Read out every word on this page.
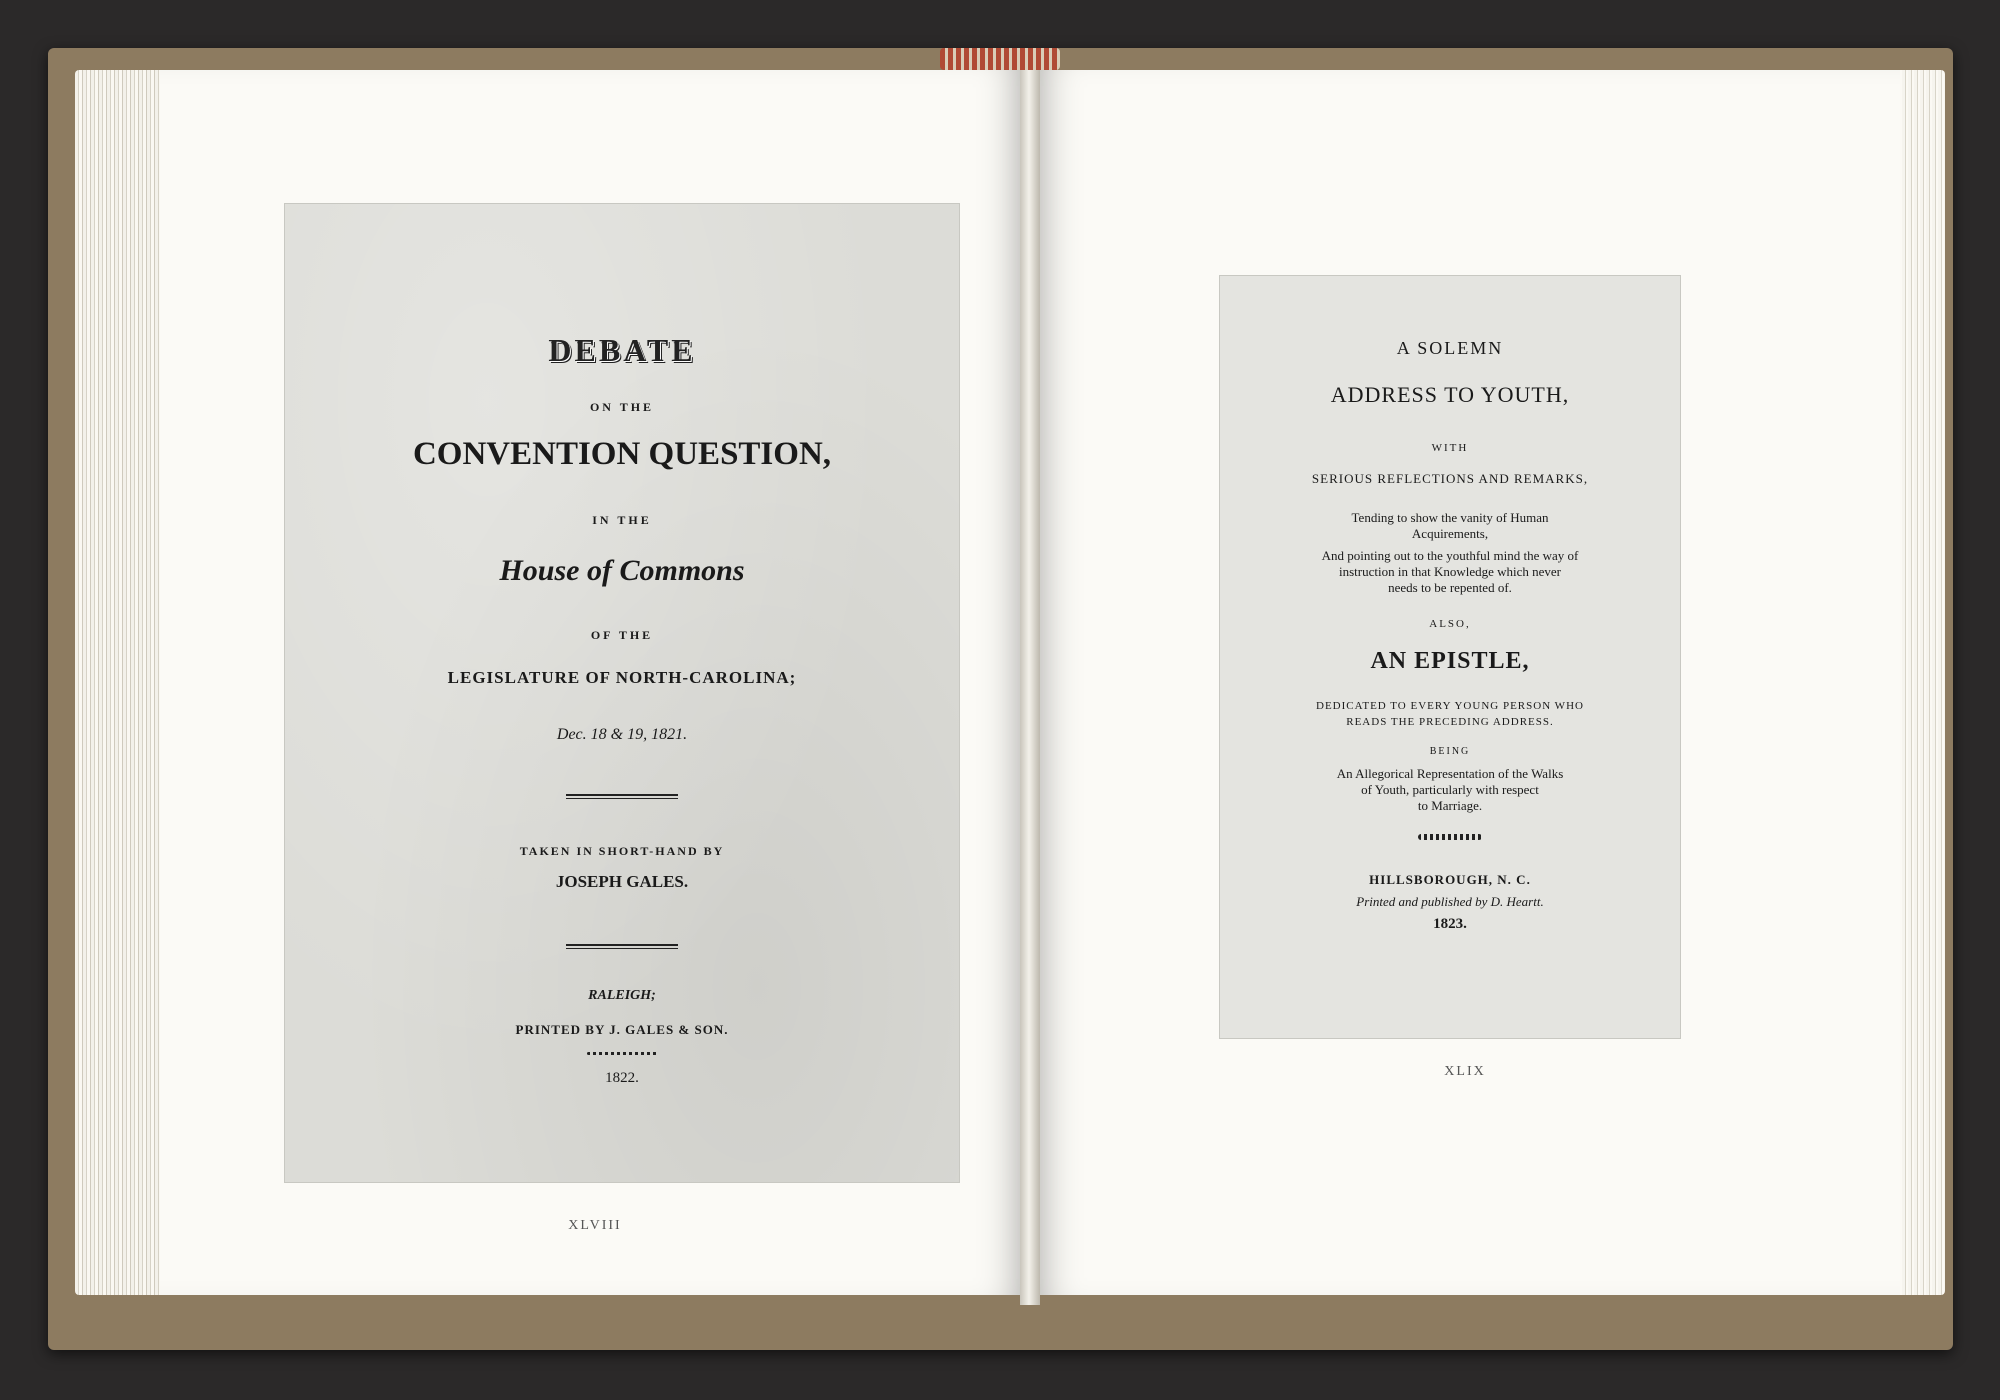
DEBATE
ON THE
CONVENTION QUESTION,
IN THE
House of Commons
OF THE
LEGISLATURE OF NORTH-CAROLINA;
Dec. 18 & 19, 1821.
TAKEN IN SHORT-HAND BY
JOSEPH GALES.
RALEIGH;
PRINTED BY J. GALES & SON.
1822.
XLVIII
A SOLEMN
ADDRESS TO YOUTH,
WITH
SERIOUS REFLECTIONS AND REMARKS,
Tending to show the vanity of Human
Acquirements,
And pointing out to the youthful mind the way of
instruction in that Knowledge which never
needs to be repented of.
ALSO,
AN EPISTLE,
DEDICATED TO EVERY YOUNG PERSON WHO
READS THE PRECEDING ADDRESS.
BEING
An Allegorical Representation of the Walks
of Youth, particularly with respect
to Marriage.
HILLSBOROUGH, N. C.
Printed and published by D. Heartt.
1823.
XLIX
